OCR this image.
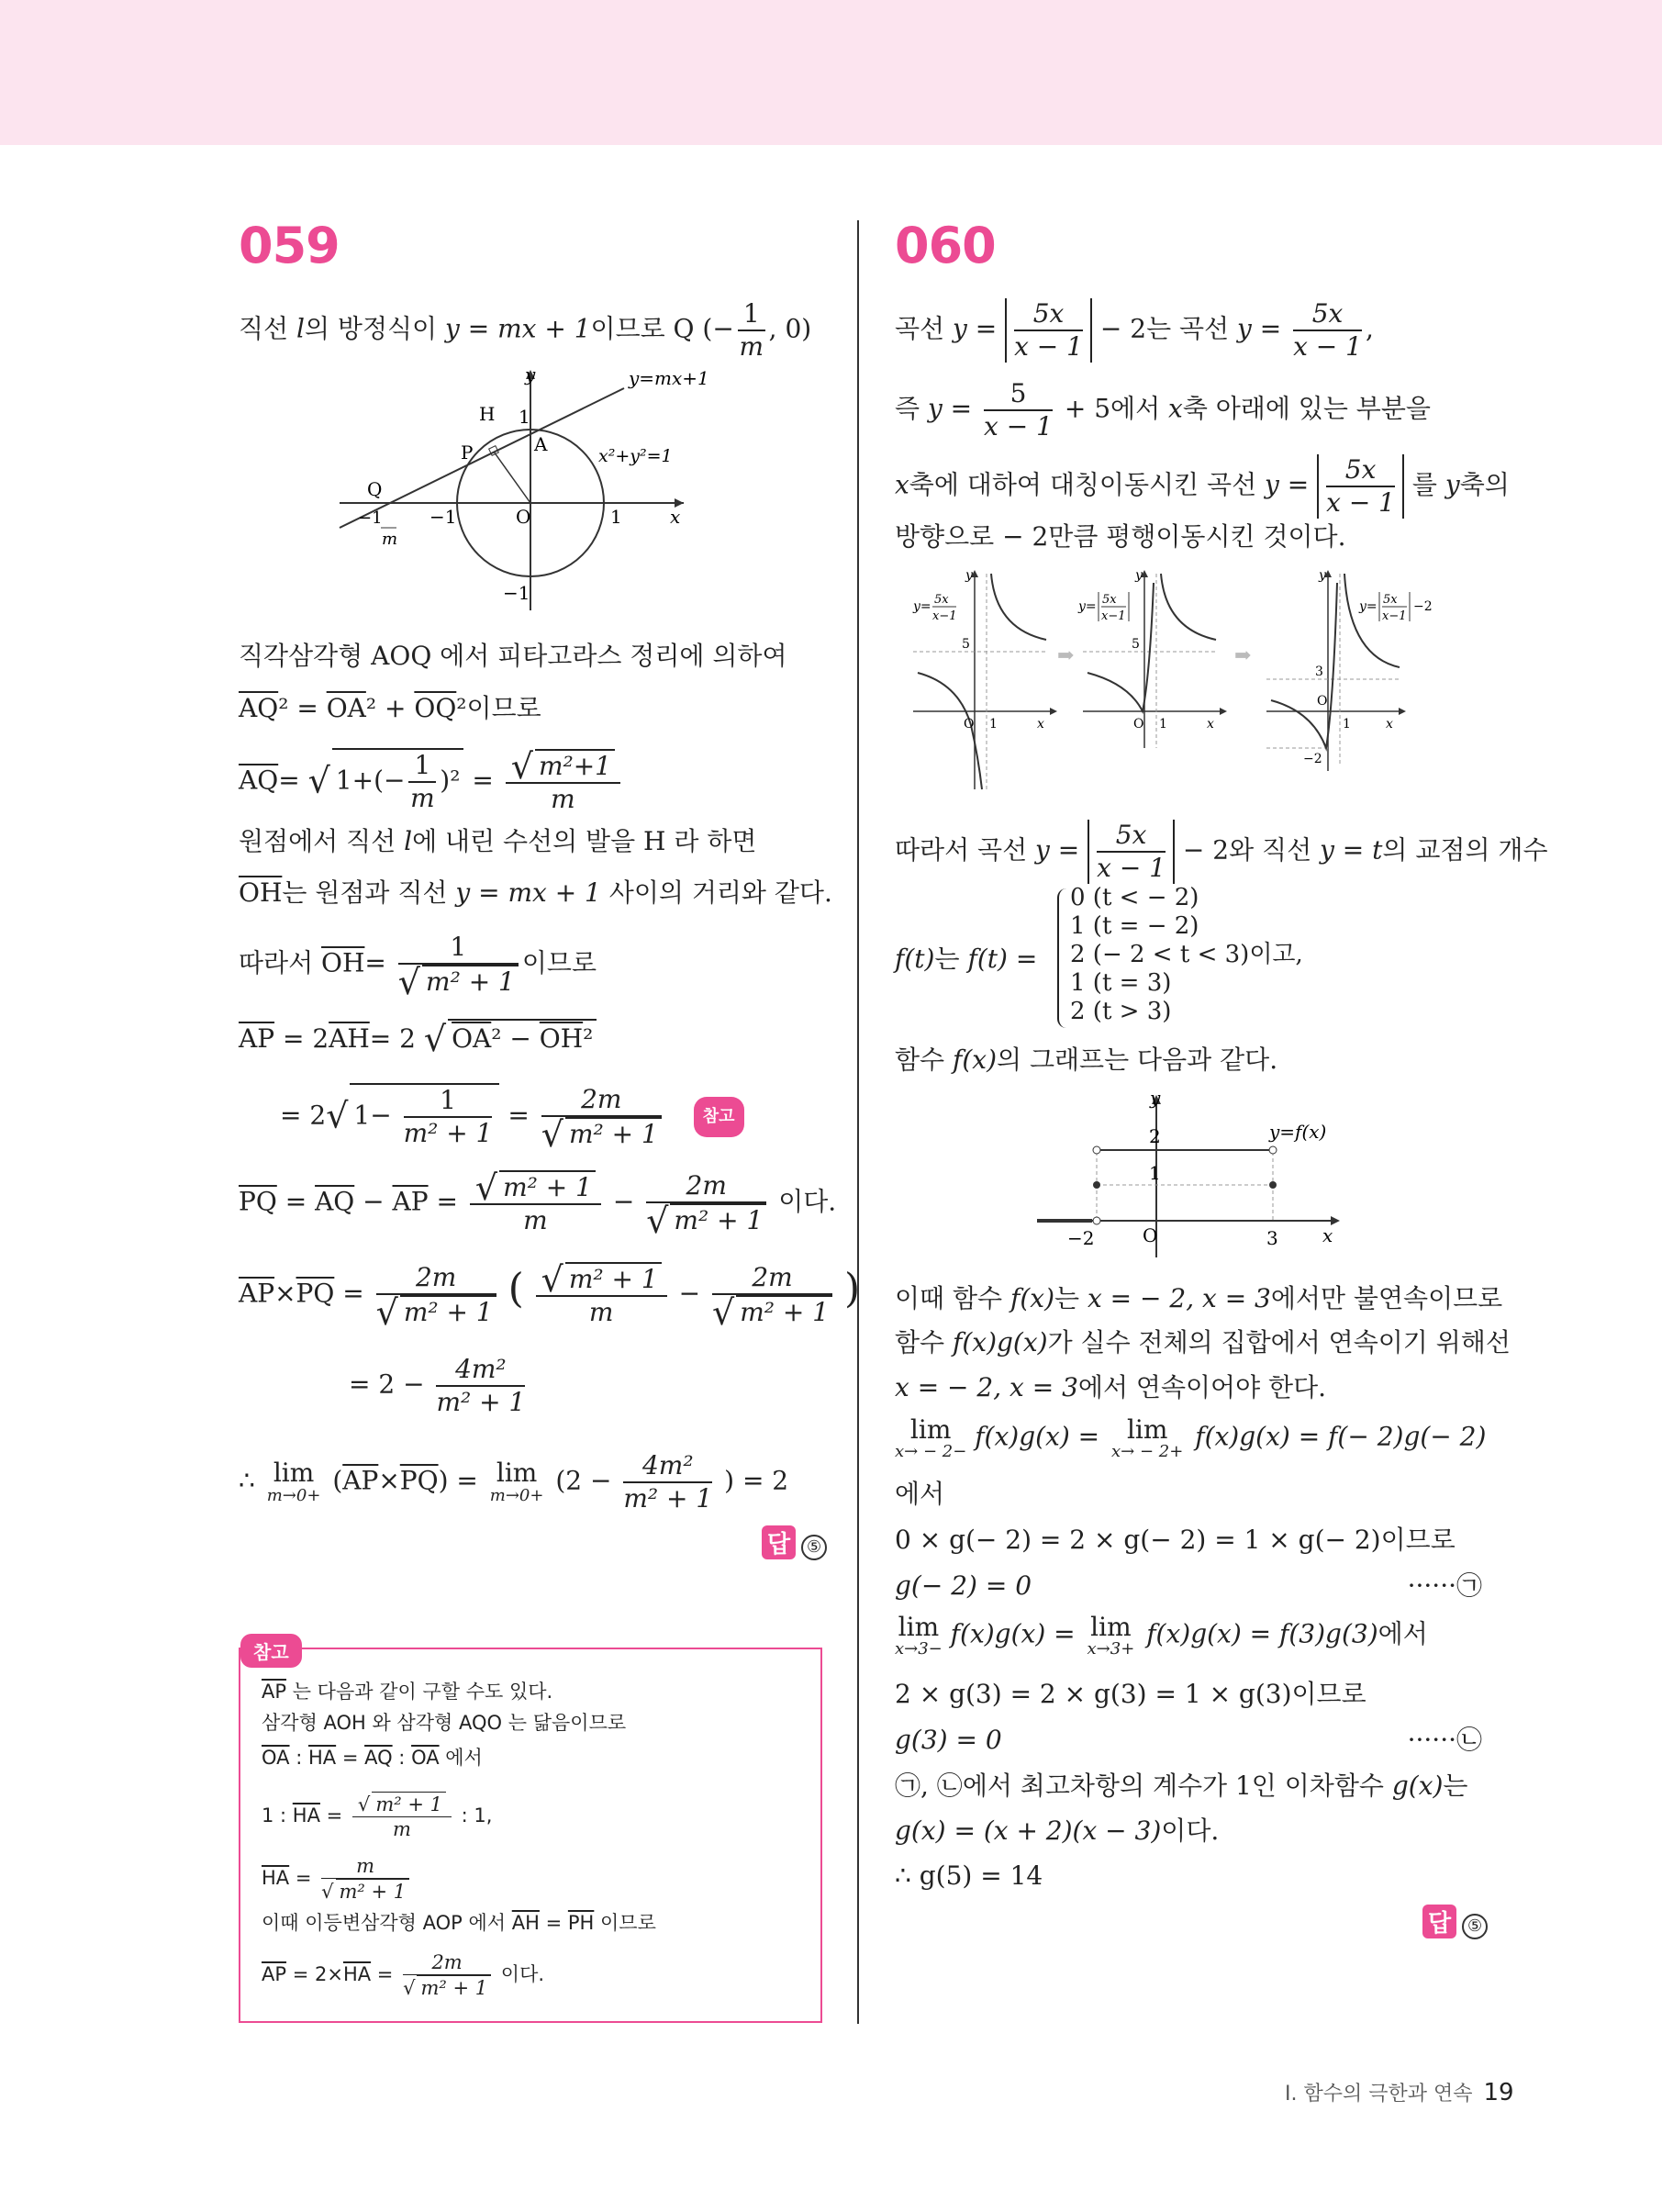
059
직선 l의 방정식이 y = mx + 1이므로 Q (− $\frac{1}{m}$ , 0)
y	y=mx+1
H 1
P	A
x²+y²=1
Q
−1	O	1	x
−1
m
−1
직각삼각형 AOQ 에서 피타고라스 정리에 의하여
$\overline{AQ}^2 = \overline{OA}^2 + \overline{OQ}^2$이므로
$\overline{AQ}=$ √ $1+(- \frac{1}{m} )^2 = \frac{\text{√ m²+1}}{m}$
원점에서 직선 l에 내린 수선의 발을 H 라 하면
$\overline{OH}$는 원점과 직선 y = mx + 1 사이의 거리와 같다.
따라서 $\overline{OH}= \frac{1}{\text{√ m² + 1}}$ 이므로
$\overline{AP} = 2\overline{AH}= 2$ √ $OA^2 - \overline{OH}^2$
= 2√ $1- \frac{1}{\text{m² + 1}} = \frac{2m}{\text{√ m² + 1}}$ 참고
$\overline{PQ} = \overline{AQ} - \overline{AP} = \frac{\text{√ m² + 1}}{m} - \frac{2m}{\text{√ m² + 1}}$ 이다.
$\overline{AP}\times\overline{PQ} = \frac{2m}{\text{√ m² + 1}}$ ( $\frac{\text{√ m² + 1}}{m} - \frac{2m}{\text{√ m² + 1}}$ )
= $2 - \frac{\text{4m²}}{\text{m² + 1}}$
∴ lim
$m\to 0+ (\overline{AP}\times\overline{PQ}) = \lim$
$m\to 0+ (2 - \frac{\text{4m²}}{\text{m² + 1}}$ ) = 2
답 ⑤
참고
$\overline{AP}$ 는 다음과 같이 구할 수도 있다.
삼각형 AOH 와 삼각형 AQO 는 닮음이므로
$\overline{OA}$ : $\overline{HA} = \overline{AQ}$ : $\overline{OA}$ 에서
1 : $\overline{HA} = \frac{\text{√ m² + 1}}{m}$ : 1,
$\overline{HA} = \frac{m}{\text{√ m² + 1}}$
이때 이등변삼각형 AOP 에서 $\overline{AH} = \overline{PH}$ 이므로
$\overline{AP} = 2\times\overline{HA} = \frac{2m}{\text{√ m² + 1}}$ 이다.
060
곡선 $y = \frac{5x}{x - 1} - 2$는 곡선 $y = \frac{5x}{x - 1}$ ,
즉 $y = \frac{5}{x - 1} + 5$에서 x축 아래에 있는 부분을
x축에 대하여 대칭이동시킨 곡선 $y = \frac{5x}{x - 1}$ 를 y축의
방향으로 − 2만큼 평행이동시킨 것이다.
y
y= 5x
x−1
5
O 1	x
➡
y
y= 5x
x−1
5
O 1	x
➡
y
y= 5x
x−1
−2
3
O
1	x
−2
따라서 곡선 $y = \frac{5x}{x - 1} - 2$와 직선 y = t의 교점의 개수
f(t)는 f(t) =
0 (t < − 2)
1 (t = − 2)
2 (− 2 < t < 3)이고,
1 (t = 3)
2 (t > 3)
함수 f(x)의 그래프는 다음과 같다.
y
2	y=f(x)
1
−2	O	3 x
이때 함수 f(x)는 x = − 2, x = 3에서만 불연속이므로
함수 f(x)g(x)가 실수 전체의 집합에서 연속이기 위해선
x = − 2, x = 3에서 연속이어야 한다.
lim
x→ − 2− f(x)g(x) = lim
x→ − 2+ f(x)g(x) = f(− 2)g(− 2)
에서
0 × g(− 2) = 2 × g(− 2) = 1 × g(− 2)이므로
g(− 2) = 0	······㉠
lim
x→3− f(x)g(x) = lim
x→3+ f(x)g(x) = f(3)g(3)에서
2 × g(3) = 2 × g(3) = 1 × g(3)이므로
g(3) = 0	······㉡
㉠, ㉡에서 최고차항의 계수가 1인 이차함수 g(x)는
g(x) = (x + 2)(x − 3)이다.
∴ g(5) = 14
답 ⑤
Ⅰ. 함수의 극한과 연속 19
